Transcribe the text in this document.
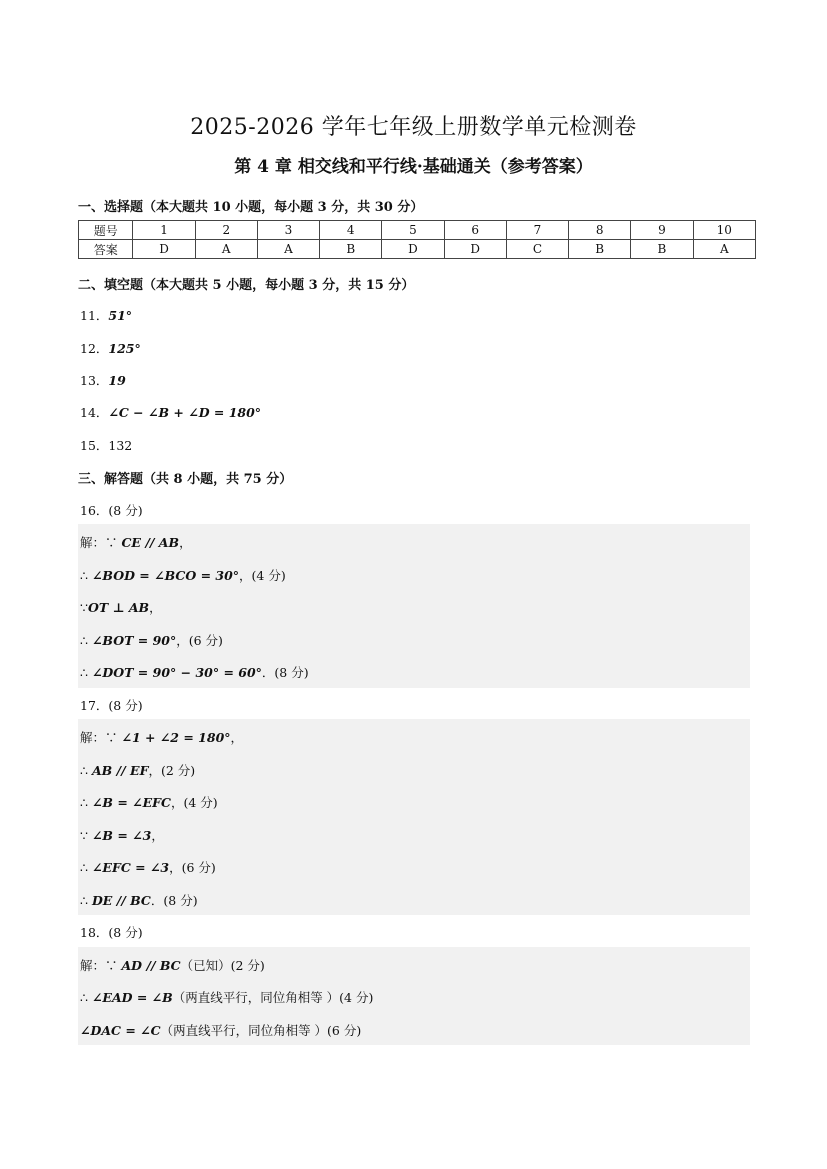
2025-2026 学年七年级上册数学单元检测卷
第 4 章 相交线和平行线·基础通关（参考答案）
一、选择题（本大题共 10 小题，每小题 3 分，共 30 分）
题号	1	2	3	4	5	6	7	8	9	10
答案	D	A	A	B	D	D	C	B	B	A
二、填空题（本大题共 5 小题，每小题 3 分，共 15 分）
11．51°
12．125°
13．19
14．∠C − ∠B + ∠D = 180°
15．132
三、解答题（共 8 小题，共 75 分）
16．(8 分)
解：∵ CE // AB，
∴ ∠BOD = ∠BCO = 30°，(4 分)
∵OT ⊥ AB，
∴ ∠BOT = 90°，(6 分)
∴ ∠DOT = 90° − 30° = 60°．(8 分)
17．(8 分)
解：∵ ∠1 + ∠2 = 180°，
∴ AB // EF，(2 分)
∴ ∠B = ∠EFC，(4 分)
∵ ∠B = ∠3，
∴ ∠EFC = ∠3，(6 分)
∴ DE // BC．(8 分)
18．(8 分)
解：∵ AD // BC（已知）(2 分)
∴ ∠EAD = ∠B（两直线平行，同位角相等 ）(4 分)
∠DAC = ∠C（两直线平行，同位角相等 ）(6 分)
